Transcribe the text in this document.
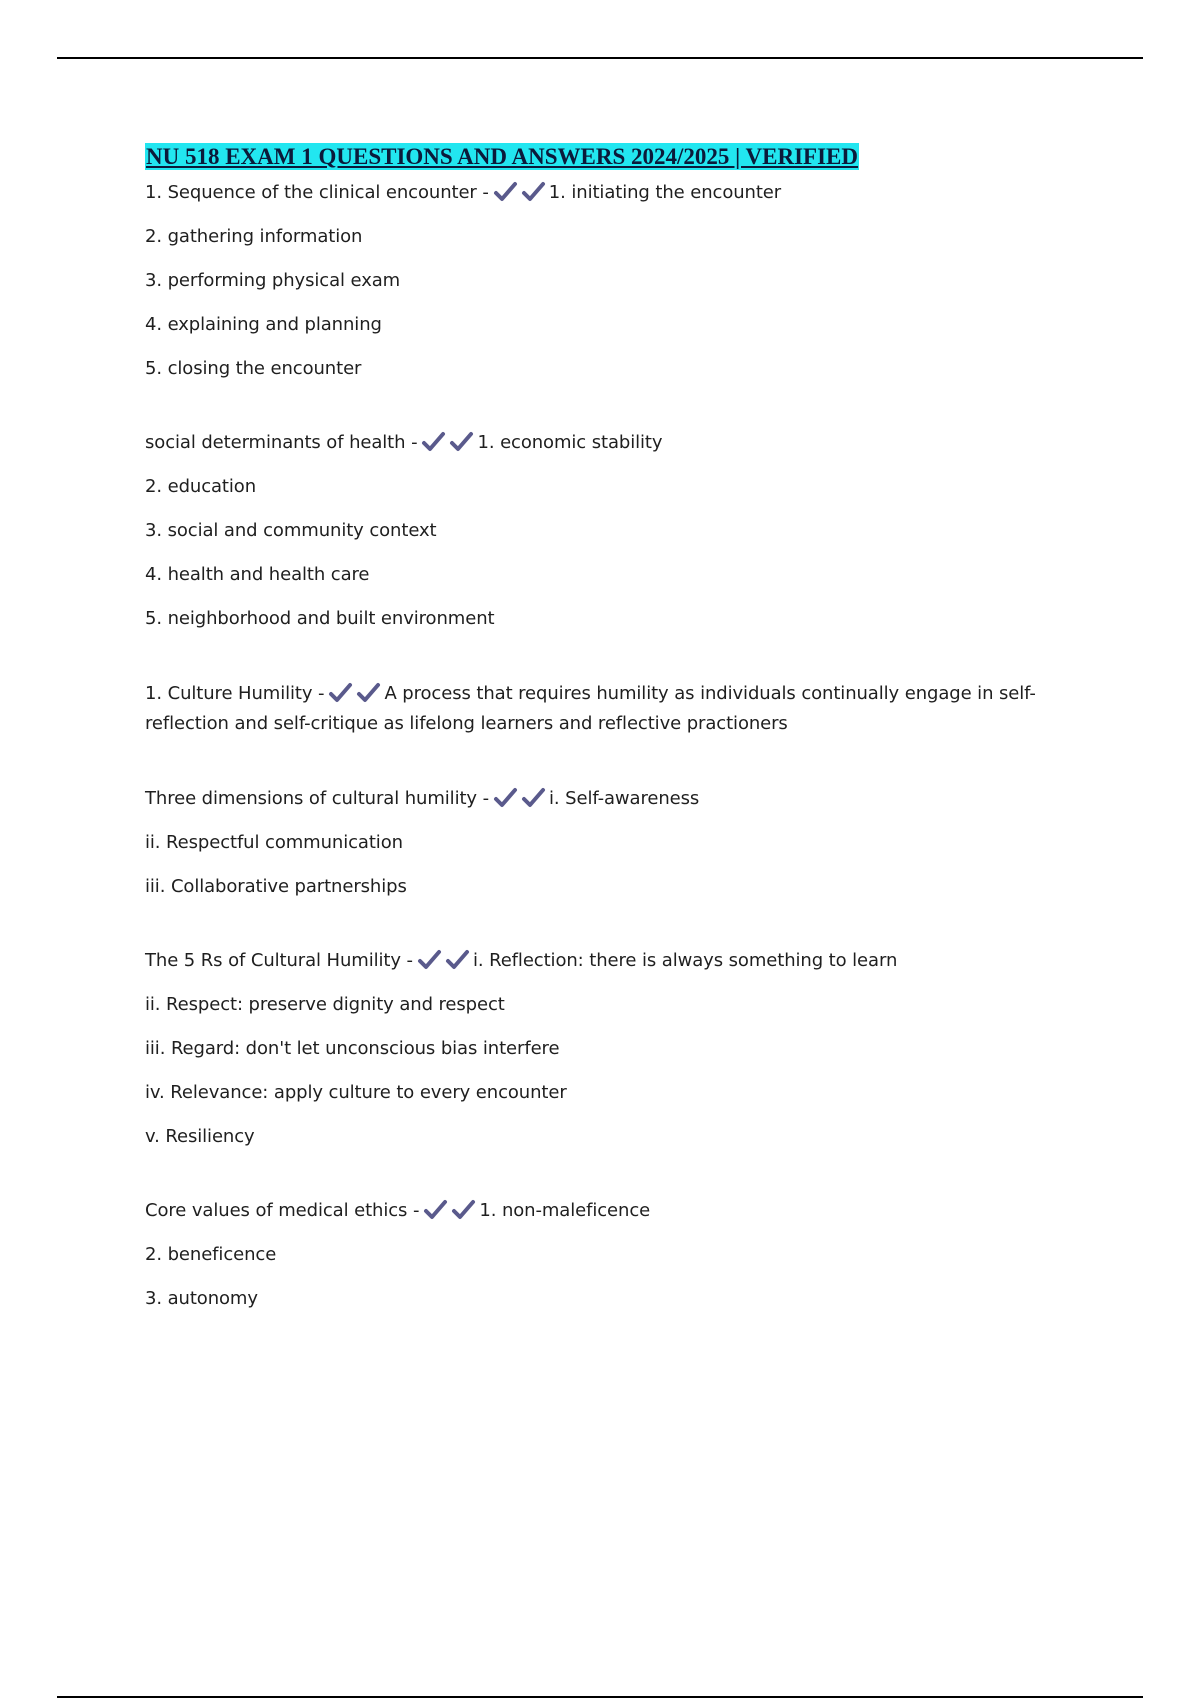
NU 518 EXAM 1 QUESTIONS AND ANSWERS 2024/2025 | VERIFIED

1. Sequence of the clinical encounter -	1. initiating the encounter

2. gathering information

3. performing physical exam

4. explaining and planning

5. closing the encounter

social determinants of health -	1. economic stability

2. education

3. social and community context

4. health and health care

5. neighborhood and built environment

1. Culture Humility -	A process that requires humility as individuals continually engage in self-
reflection and self-critique as lifelong learners and reflective practioners

Three dimensions of cultural humility -	i. Self-awareness

ii. Respectful communication

iii. Collaborative partnerships

The 5 Rs of Cultural Humility -	i. Reflection: there is always something to learn

ii. Respect: preserve dignity and respect

iii. Regard: don't let unconscious bias interfere

iv. Relevance: apply culture to every encounter

v. Resiliency

Core values of medical ethics -	1. non-maleficence

2. beneficence

3. autonomy
